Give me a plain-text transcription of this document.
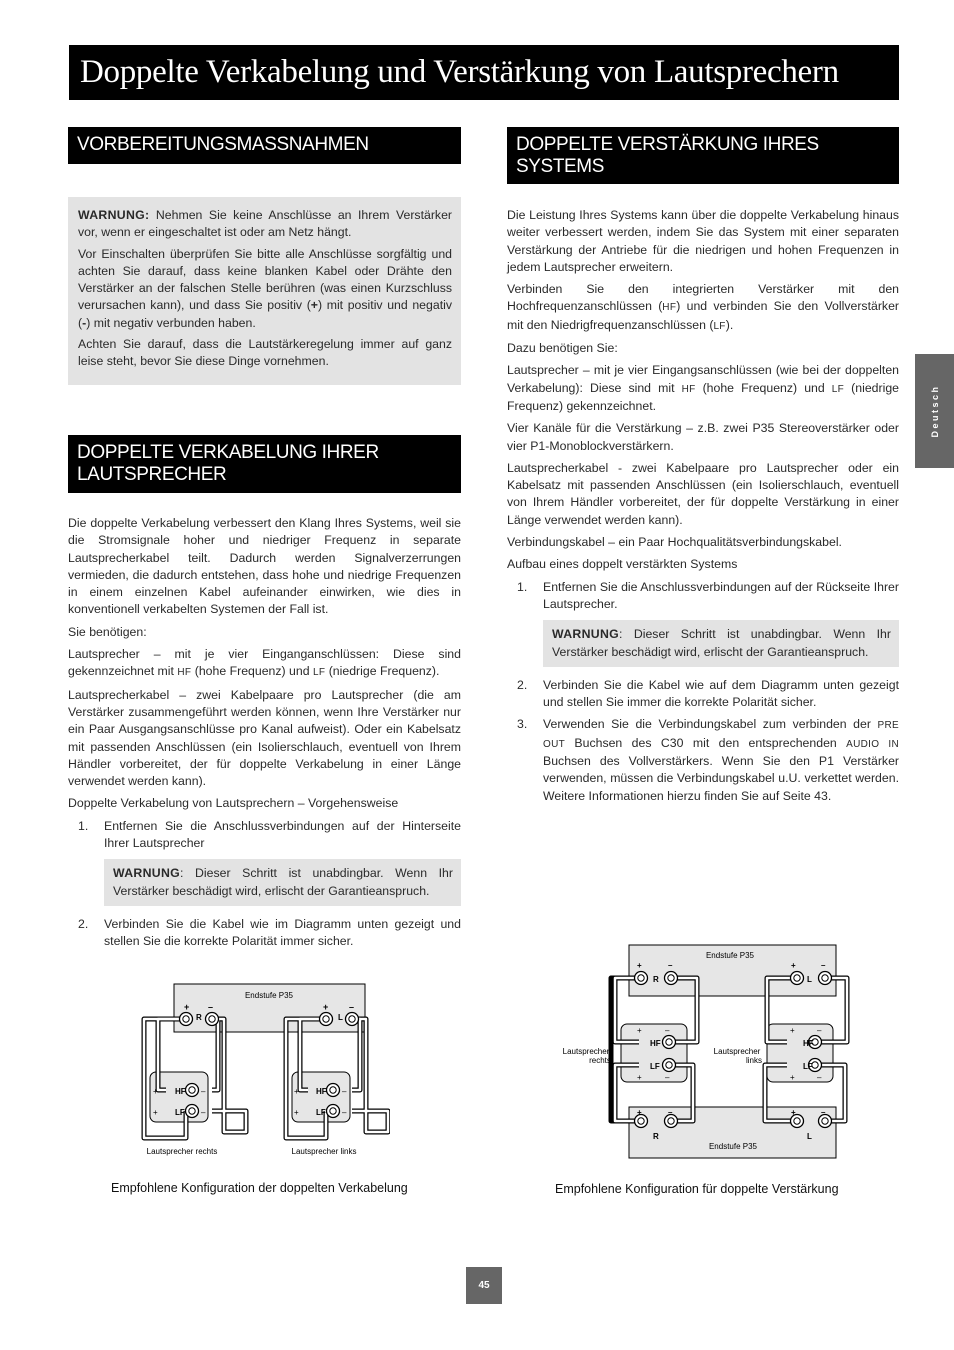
Doppelte Verkabelung und Verstärkung von Lautsprechern
Deutsch
VORBEREITUNGSMASSNAHMEN

WARNUNG: Nehmen Sie keine Anschlüsse an Ihrem Verstärker vor, wenn er eingeschaltet ist oder am Netz hängt.

Vor Einschalten überprüfen Sie bitte alle Anschlüsse sorgfältig und achten Sie darauf, dass keine blanken Kabel oder Drähte den Verstärker an der falschen Stelle berühren (was einen Kurzschluss verursachen kann), und dass Sie positiv (+) mit positiv und negativ (-) mit negativ verbunden haben.

Achten Sie darauf, dass die Lautstärkeregelung immer auf ganz leise steht, bevor Sie diese Dinge vornehmen.

DOPPELTE VERKABELUNG IHRER LAUTSPRECHER

Die doppelte Verkabelung verbessert den Klang Ihres Systems, weil sie die Stromsignale hoher und niedriger Frequenz in separate Lautsprecherkabel teilt. Dadurch werden Signalverzerrungen vermieden, die dadurch entstehen, dass hohe und niedrige Frequenzen in einem einzelnen Kabel aufeinander einwirken, wie dies in konventionell verkabelten Systemen der Fall ist.

Sie benötigen:

Lautsprecher – mit je vier Einganganschlüssen: Diese sind gekennzeichnet mit HF (hohe Frequenz) und LF (niedrige Frequenz).

Lautsprecherkabel – zwei Kabelpaare pro Lautsprecher (die am Verstärker zusammengeführt werden können, wenn Ihre Verstärker nur ein Paar Ausgangsanschlüsse pro Kanal aufweist). Oder ein Kabelsatz mit passenden Anschlüssen (ein Isolierschlauch, eventuell von Ihrem Händler vorbereitet, der für doppelte Verkabelung in einer Länge verwendet werden kann).

Doppelte Verkabelung von Lautsprechern – Vorgehensweise

1. Entfernen Sie die Anschlussverbindungen auf der Hinterseite Ihrer Lautsprecher
WARNUNG: Dieser Schritt ist unabdingbar. Wenn Ihr Verstärker beschädigt wird, erlischt der Garantieanspruch.
2. Verbinden Sie die Kabel wie im Diagramm unten gezeigt und stellen Sie die korrekte Polarität immer sicher.
DOPPELTE VERSTÄRKUNG IHRES SYSTEMS

Die Leistung Ihres Systems kann über die doppelte Verkabelung hinaus weiter verbessert werden, indem Sie das System mit einer separaten Verstärkung der Antriebe für die niedrigen und hohen Frequenzen in jedem Lautsprecher erweitern.

Verbinden Sie den integrierten Verstärker mit den Hochfrequenzanschlüssen (HF) und verbinden Sie den Vollverstärker mit den Niedrigfrequenzanschlüssen (LF).

Dazu benötigen Sie:

Lautsprecher – mit je vier Eingangsanschlüssen (wie bei der doppelten Verkabelung): Diese sind mit HF (hohe Frequenz) und LF (niedrige Frequenz) gekennzeichnet.

Vier Kanäle für die Verstärkung – z.B. zwei P35 Stereoverstärker oder vier P1-Monoblockverstärkern.

Lautsprecherkabel - zwei Kabelpaare pro Lautsprecher oder ein Kabelsatz mit passenden Anschlüssen (ein Isolierschlauch, eventuell von Ihrem Händler vorbereitet, der für doppelte Verstärkung in einer Länge verwendet werden kann).

Verbindungskabel – ein Paar Hochqualitätsverbindungskabel.

Aufbau eines doppelt verstärkten Systems

1. Entfernen Sie die Anschlussverbindungen auf der Rückseite Ihrer Lautsprecher.
WARNUNG: Dieser Schritt ist unabdingbar. Wenn Ihr Verstärker beschädigt wird, erlischt der Garantieanspruch.
2. Verbinden Sie die Kabel wie auf dem Diagramm unten gezeigt und stellen Sie immer die korrekte Polarität sicher.
3. Verwenden Sie die Verbindungskabel zum verbinden der PRE OUT Buchsen des C30 mit den entsprechenden AUDIO IN Buchsen des Vollverstärkers. Wenn Sie den P1 Verstärker verwenden, müssen die Verbindungskabel u.U. verkettet werden. Weitere Informationen hierzu finden Sie auf Seite 43.
Endstufe P35
+ –	+ –
R	L
+
+
HF
LF
–
–
+
+
HF
LF
–
–
Lautsprecher rechts	Lautsprecher links
Empfohlene Konfiguration der doppelten Verkabelung
Endstufe P35
Endstufe P35
+	–	+	–
R	L
+	–	+	–
R	L
+	–
HF
LF
+	–
+	–
HF
LF
+	–
Lautsprecher
rechts
Lautsprecher
links
Empfohlene Konfiguration für doppelte Verstärkung
45
